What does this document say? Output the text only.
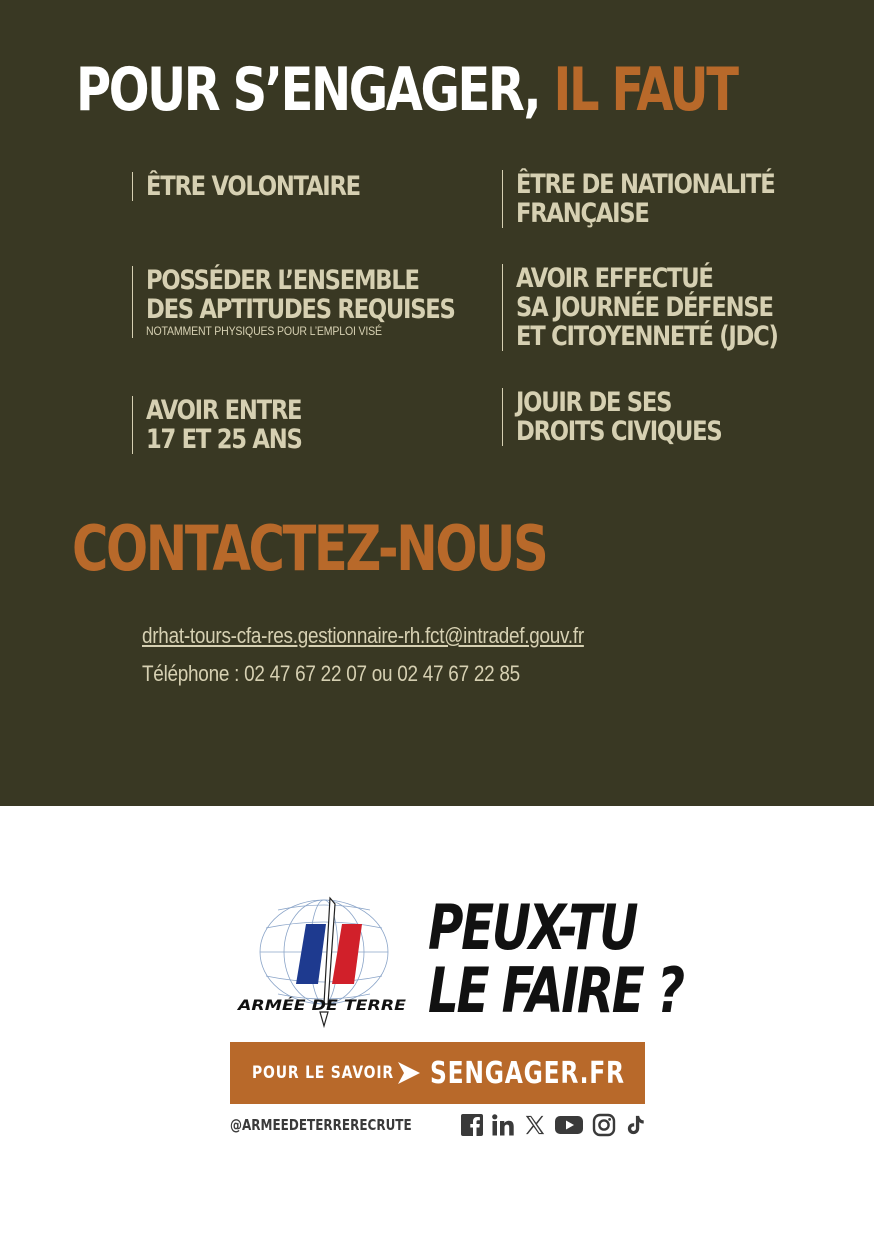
POUR S’ENGAGER, IL FAUT
ÊTRE VOLONTAIRE	ÊTRE DE NATIONALITÉ
FRANÇAISE
POSSÉDER L’ENSEMBLE
DES APTITUDES REQUISES
NOTAMMENT PHYSIQUES POUR L’EMPLOI VISÉ
AVOIR EFFECTUÉ
SA JOURNÉE DÉFENSE
ET CITOYENNETÉ (JDC)
AVOIR ENTRE
17 ET 25 ANS
JOUIR DE SES
DROITS CIVIQUES
CONTACTEZ-NOUS
drhat-tours-cfa-res.gestionnaire-rh.fct@intradef.gouv.fr
Téléphone : 02 47 67 22 07 ou 02 47 67 22 85
ARMÉE DE TERRE
PEUX-TU
LE FAIRE ?
POUR LE SAVOIR SENGAGER.FR
@ARMEEDETERRERECRUTE
